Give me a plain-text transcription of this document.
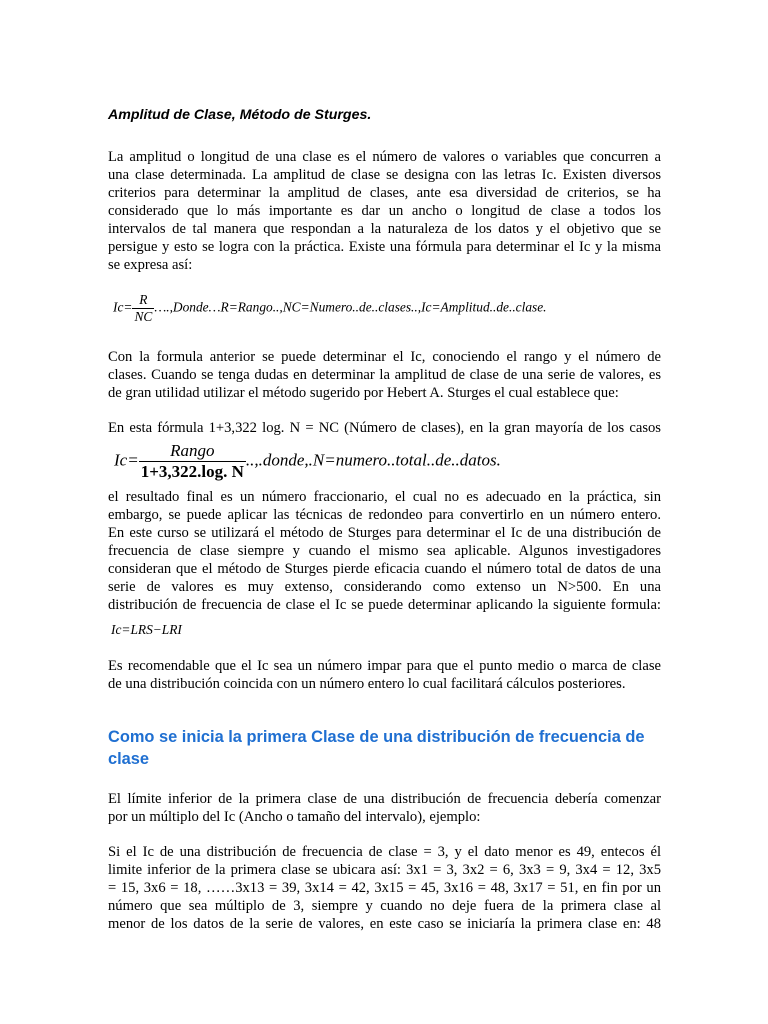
Amplitud de Clase, Método de Sturges.
La amplitud o longitud de una clase es el número de valores o variables que concurren a
una clase determinada. La amplitud de clase se designa con las letras Ic. Existen diversos
criterios para determinar la amplitud de clases, ante esa diversidad de criterios, se ha
considerado que lo más importante es dar un ancho o longitud de clase a todos los
intervalos de tal manera que respondan a la naturaleza de los datos y el objetivo que se
persigue y esto se logra con la práctica. Existe una fórmula para determinar el Ic y la misma
se expresa así:
$Ic= \frac{R}{NC}$ ….,Donde…R=Rango..,NC=Numero..de..clases..,Ic=Amplitud..de..clase.
Con la formula anterior se puede determinar el Ic, conociendo el rango y el número de
clases. Cuando se tenga dudas en determinar la amplitud de clase de una serie de valores, es
de gran utilidad utilizar el método sugerido por Hebert A. Sturges el cual establece que:
En esta fórmula 1+3,322 log. N = NC (Número de clases), en la gran mayoría de los casos
$Ic= \frac{\text{Rango}}{1+3,322.\log. N}$ ..,.donde,.N=numero..total..de..datos.
el resultado final es un número fraccionario, el cual no es adecuado en la práctica, sin
embargo, se puede aplicar las técnicas de redondeo para convertirlo en un número entero.
En este curso se utilizará el método de Sturges para determinar el Ic de una distribución de
frecuencia de clase siempre y cuando el mismo sea aplicable. Algunos investigadores
consideran que el método de Sturges pierde eficacia cuando el número total de datos de una
serie de valores es muy extenso, considerando como extenso un N>500. En una
distribución de frecuencia de clase el Ic se puede determinar aplicando la siguiente formula:
Ic=LRS−LRI
Es recomendable que el Ic sea un número impar para que el punto medio o marca de clase
de una distribución coincida con un número entero lo cual facilitará cálculos posteriores.
Como se inicia la primera Clase de una distribución de frecuencia de
clase
El límite inferior de la primera clase de una distribución de frecuencia debería comenzar
por un múltiplo del Ic (Ancho o tamaño del intervalo), ejemplo:
Si el Ic de una distribución de frecuencia de clase = 3, y el dato menor es 49, entecos él
limite inferior de la primera clase se ubicara así: 3x1 = 3, 3x2 = 6, 3x3 = 9, 3x4 = 12, 3x5
= 15, 3x6 = 18, ……3x13 = 39, 3x14 = 42, 3x15 = 45, 3x16 = 48, 3x17 = 51, en fin por un
número que sea múltiplo de 3, siempre y cuando no deje fuera de la primera clase al
menor de los datos de la serie de valores, en este caso se iniciaría la primera clase en: 48
